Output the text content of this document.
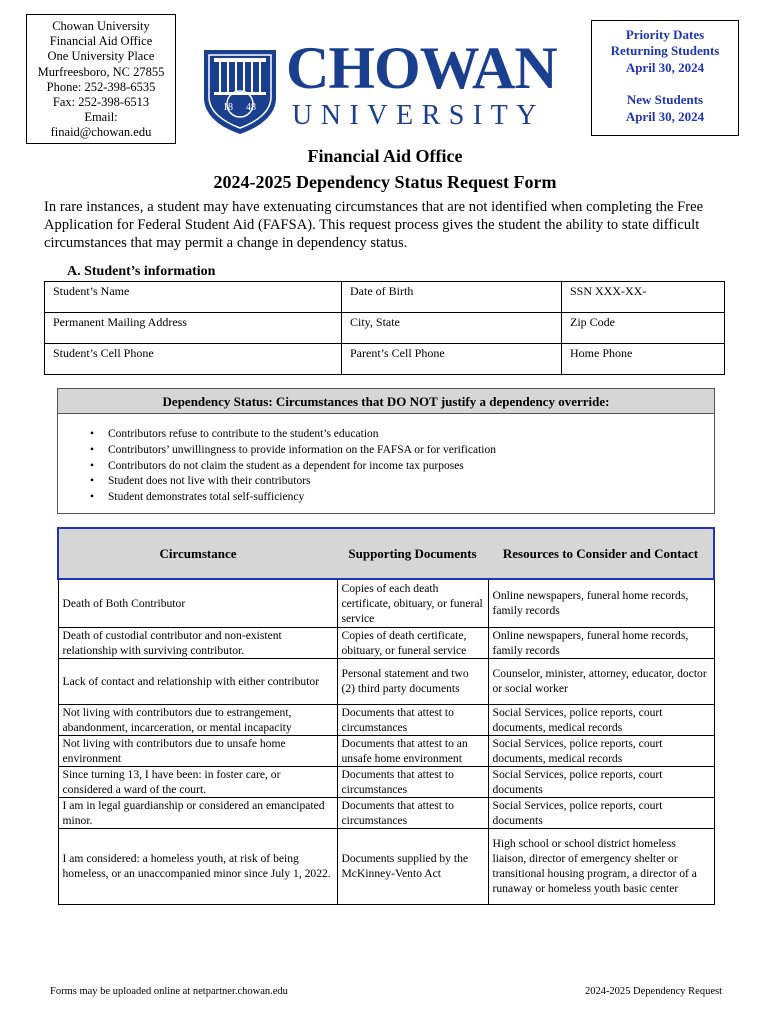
Chowan University
Financial Aid Office
One University Place
Murfreesboro, NC 27855
Phone: 252-398-6535
Fax: 252-398-6513
Email:
finaid@chowan.edu
18 48
CHOWAN
UNIVERSITY
Priority Dates
Returning Students
April 30, 2024
New Students
April 30, 2024
Financial Aid Office
2024-2025 Dependency Status Request Form
In rare instances, a student may have extenuating circumstances that are not identified when completing the Free Application for Federal Student Aid (FAFSA). This request process gives the student the ability to state difficult circumstances that may permit a change in dependency status.
A. Student’s information
Student’s Name	Date of Birth	SSN XXX-XX-
Permanent Mailing Address	City, State	Zip Code
Student’s Cell Phone	Parent’s Cell Phone	Home Phone
Dependency Status: Circumstances that DO NOT justify a dependency override:
• Contributors refuse to contribute to the student’s education
• Contributors’ unwillingness to provide information on the FAFSA or for verification
• Contributors do not claim the student as a dependent for income tax purposes
• Student does not live with their contributors
• Student demonstrates total self-sufficiency
Circumstance	Supporting Documents	Resources to Consider and Contact
Death of Both Contributor	Copies of each death certificate, obituary, or funeral service	Online newspapers, funeral home records, family records
Death of custodial contributor and non-existent relationship with surviving contributor.	Copies of death certificate, obituary, or funeral service	Online newspapers, funeral home records, family records
Lack of contact and relationship with either contributor	Personal statement and two (2) third party documents	Counselor, minister, attorney, educator, doctor or social worker
Not living with contributors due to estrangement, abandonment, incarceration, or mental incapacity	Documents that attest to circumstances	Social Services, police reports, court documents, medical records
Not living with contributors due to unsafe home environment	Documents that attest to an unsafe home environment	Social Services, police reports, court documents, medical records
Since turning 13, I have been: in foster care, or considered a ward of the court.	Documents that attest to circumstances	Social Services, police reports, court documents
I am in legal guardianship or considered an emancipated minor.	Documents that attest to circumstances	Social Services, police reports, court documents
I am considered: a homeless youth, at risk of being homeless, or an unaccompanied minor since July 1, 2022.	Documents supplied by the McKinney-Vento Act	High school or school district homeless liaison, director of emergency shelter or transitional housing program, a director of a runaway or homeless youth basic center
Forms may be uploaded online at netpartner.chowan.edu	2024-2025 Dependency Request
